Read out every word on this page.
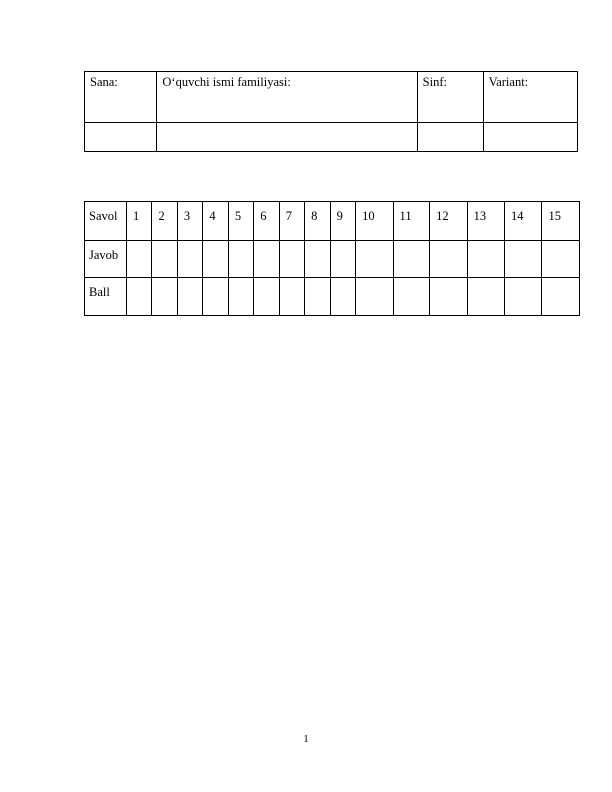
Sana:	O‘quvchi ismi familiyasi:	Sinf:	Variant:

Savol	1	2	3	4	5	6	7	8	9	10	11	12	13	14	15
Javob															
Ball															
1
